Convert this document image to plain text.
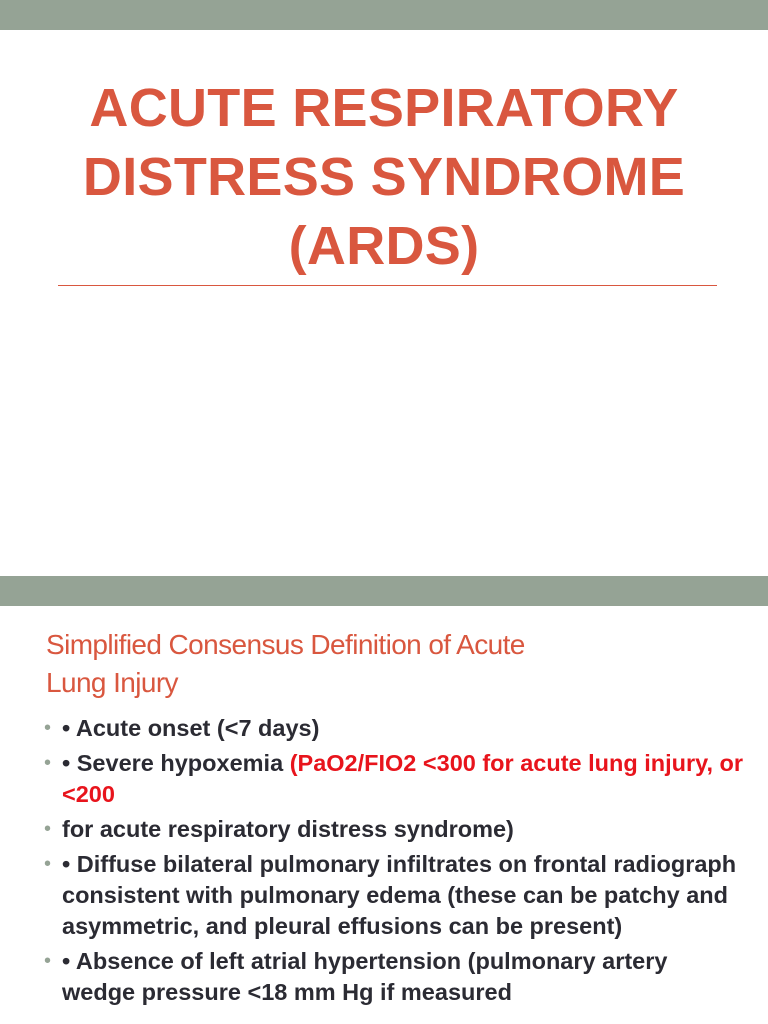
ACUTE RESPIRATORY
DISTRESS SYNDROME
(ARDS)
Simplified Consensus Definition of Acute
Lung Injury
• • Acute onset (<7 days)
• • Severe hypoxemia (PaO2/FIO2 <300 for acute lung injury, or <200
• for acute respiratory distress syndrome)
• • Diffuse bilateral pulmonary infiltrates on frontal radiograph consistent with pulmonary edema (these can be patchy and asymmetric, and pleural effusions can be present)
• • Absence of left atrial hypertension (pulmonary artery wedge pressure <18 mm Hg if measured
